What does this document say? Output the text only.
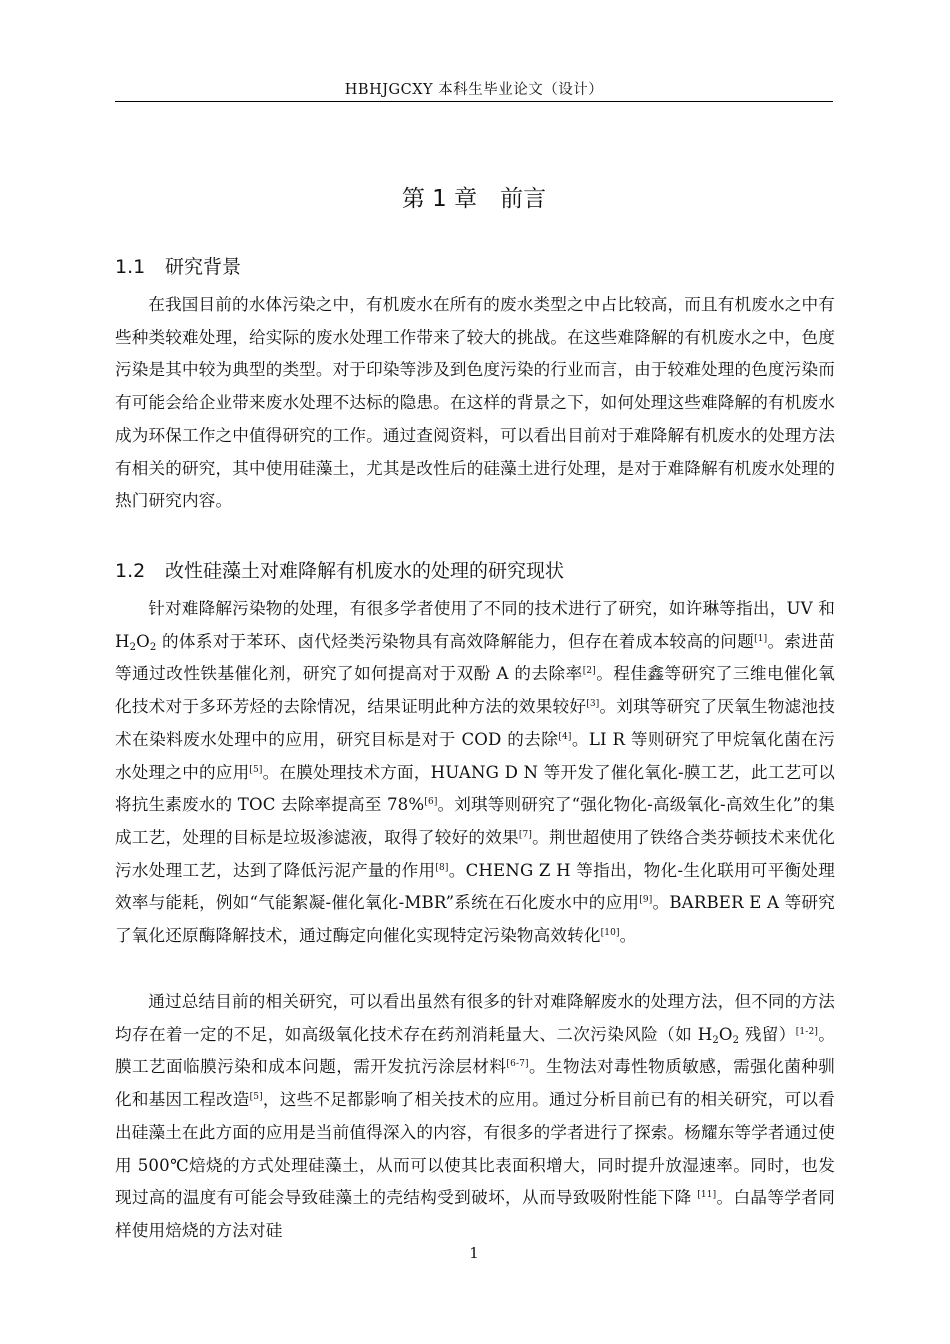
HBHJGCXY 本科生毕业论文（设计）
第 1 章　前言
1.1 研究背景

在我国目前的水体污染之中，有机废水在所有的废水类型之中占比较高，而且有机废水之中有些种类较难处理，给实际的废水处理工作带来了较大的挑战。在这些难降解的有机废水之中，色度污染是其中较为典型的类型。对于印染等涉及到色度污染的行业而言，由于较难处理的色度污染而有可能会给企业带来废水处理不达标的隐患。在这样的背景之下，如何处理这些难降解的有机废水成为环保工作之中值得研究的工作。通过查阅资料，可以看出目前对于难降解有机废水的处理方法有相关的研究，其中使用硅藻土，尤其是改性后的硅藻土进行处理，是对于难降解有机废水处理的热门研究内容。

1.2 改性硅藻土对难降解有机废水的处理的研究现状

针对难降解污染物的处理，有很多学者使用了不同的技术进行了研究，如许琳等指出，UV 和 $H_2O_2$ 的体系对于苯环、卤代烃类污染物具有高效降解能力，但存在着成本较高的问题[1]。索进苗等通过改性铁基催化剂，研究了如何提高对于双酚 A 的去除率[2]。程佳鑫等研究了三维电催化氧化技术对于多环芳烃的去除情况，结果证明此种方法的效果较好[3]。刘琪等研究了厌氧生物滤池技术在染料废水处理中的应用，研究目标是对于 COD 的去除[4]。LI R 等则研究了甲烷氧化菌在污水处理之中的应用[5]。在膜处理技术方面，HUANG D N 等开发了催化氧化-膜工艺，此工艺可以将抗生素废水的 TOC 去除率提高至 78%[6]。刘琪等则研究了“强化物化-高级氧化-高效生化”的集成工艺，处理的目标是垃圾渗滤液，取得了较好的效果[7]。荆世超使用了铁络合类芬顿技术来优化污水处理工艺，达到了降低污泥产量的作用[8]。CHENG Z H 等指出，物化-生化联用可平衡处理效率与能耗，例如“气能絮凝-催化氧化-MBR”系统在石化废水中的应用[9]。BARBER E A 等研究了氧化还原酶降解技术，通过酶定向催化实现特定污染物高效转化[10]。

通过总结目前的相关研究，可以看出虽然有很多的针对难降解废水的处理方法，但不同的方法均存在着一定的不足，如高级氧化技术存在药剂消耗量大、二次污染风险（如 $H_2O_2$ 残留）[1-2]。膜工艺面临膜污染和成本问题，需开发抗污涂层材料[6-7]。生物法对毒性物质敏感，需强化菌种驯化和基因工程改造[5]，这些不足都影响了相关技术的应用。通过分析目前已有的相关研究，可以看出硅藻土在此方面的应用是当前值得深入的内容，有很多的学者进行了探索。杨耀东等学者通过使用 500℃焙烧的方式处理硅藻土，从而可以使其比表面积增大，同时提升放湿速率。同时，也发现过高的温度有可能会导致硅藻土的壳结构受到破坏，从而导致吸附性能下降 [11]。白晶等学者同样使用焙烧的方法对硅

1
